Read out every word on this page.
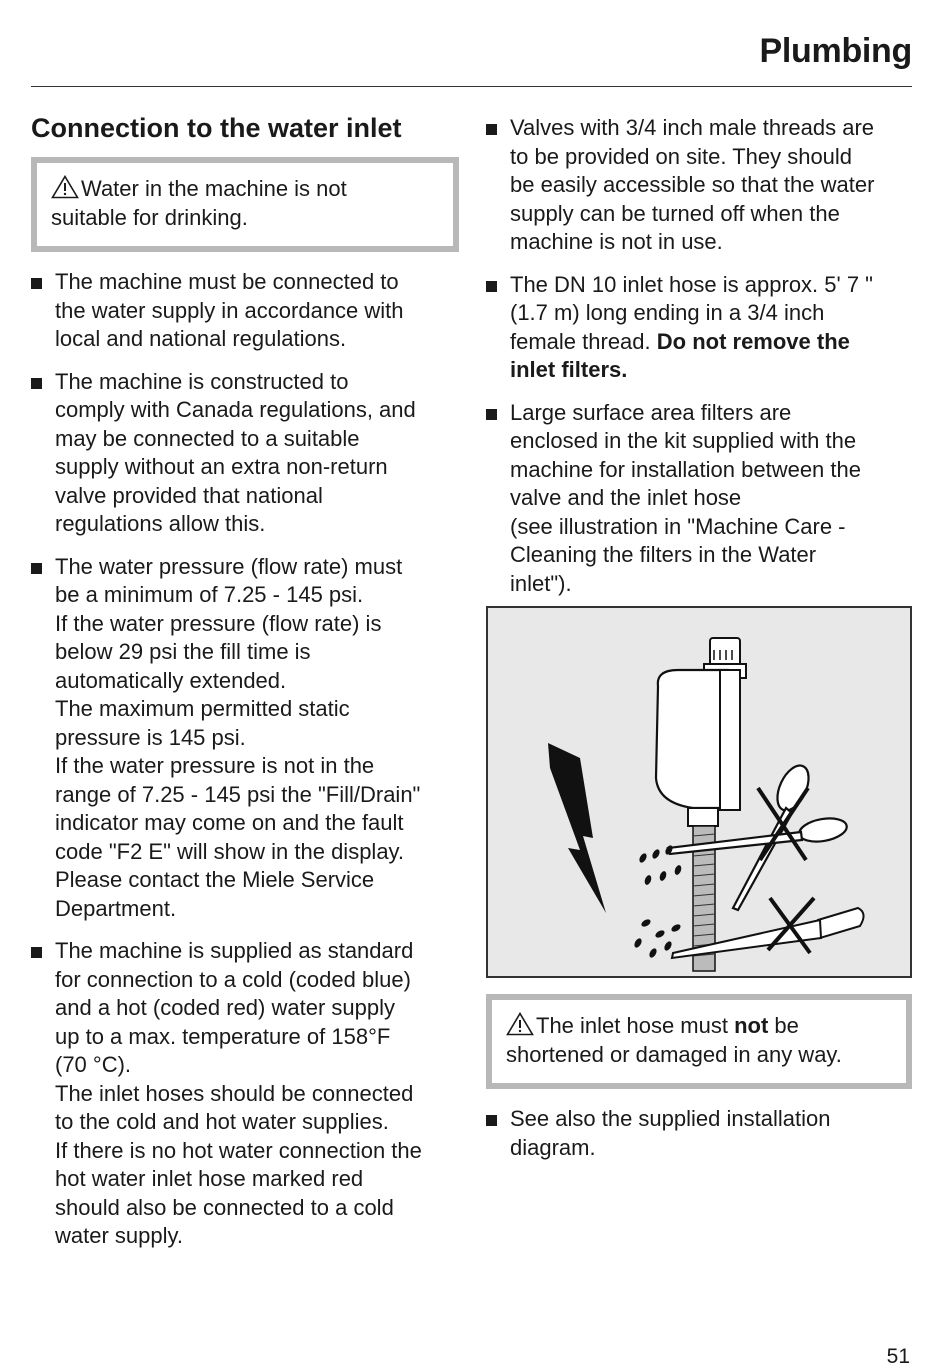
Plumbing
Connection to the water inlet
Water in the machine is not
suitable for drinking.
The machine must be connected to
the water supply in accordance with
local and national regulations.
The machine is constructed to
comply with Canada regulations, and
may be connected to a suitable
supply without an extra non-return
valve provided that national
regulations allow this.
The water pressure (flow rate) must
be a minimum of 7.25 - 145 psi.
If the water pressure (flow rate) is
below 29 psi the fill time is
automatically extended.
The maximum permitted static
pressure is 145 psi.
If the water pressure is not in the
range of 7.25 - 145 psi the "Fill/Drain"
indicator may come on and the fault
code "F2 E" will show in the display.
Please contact the Miele Service
Department.
The machine is supplied as standard
for connection to a cold (coded blue)
and a hot (coded red) water supply
up to a max. temperature of 158°F
(70 °C).
The inlet hoses should be connected
to the cold and hot water supplies.
If there is no hot water connection the
hot water inlet hose marked red
should also be connected to a cold
water supply.
Valves with 3/4 inch male threads are
to be provided on site. They should
be easily accessible so that the water
supply can be turned off when the
machine is not in use.
The DN 10 inlet hose is approx. 5' 7 "
(1.7 m) long ending in a 3/4 inch
female thread. Do not remove the
inlet filters.
Large surface area filters are
enclosed in the kit supplied with the
machine for installation between the
valve and the inlet hose
(see illustration in "Machine Care -
Cleaning the filters in the Water
inlet").
The inlet hose must not be
shortened or damaged in any way.
See also the supplied installation
diagram.
51
